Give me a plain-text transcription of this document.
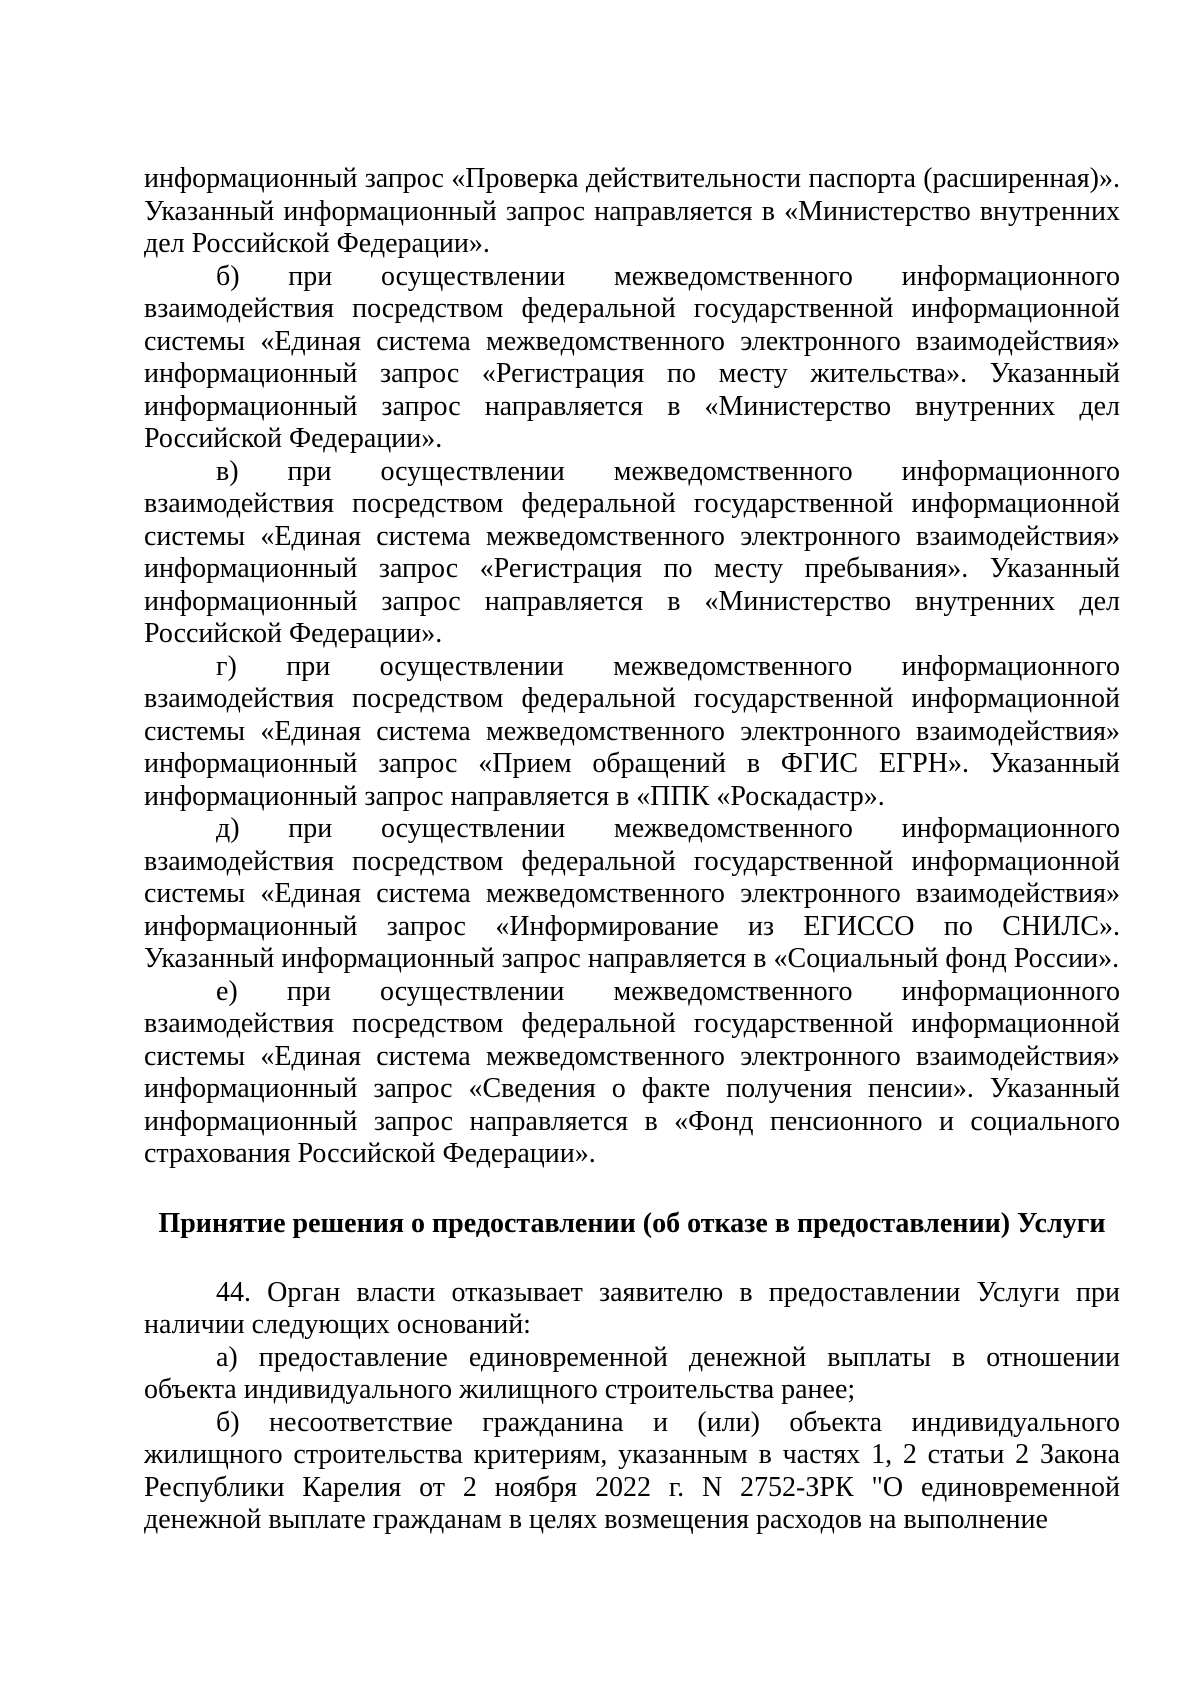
информационный запрос «Проверка действительности паспорта (расширенная)». Указанный информационный запрос направляется в «Министерство внутренних дел Российской Федерации».

б) при осуществлении межведомственного информационного взаимодействия посредством федеральной государственной информационной системы «Единая система межведомственного электронного взаимодействия» информационный запрос «Регистрация по месту жительства». Указанный информационный запрос направляется в «Министерство внутренних дел Российской Федерации».

в) при осуществлении межведомственного информационного взаимодействия посредством федеральной государственной информационной системы «Единая система межведомственного электронного взаимодействия» информационный запрос «Регистрация по месту пребывания». Указанный информационный запрос направляется в «Министерство внутренних дел Российской Федерации».

г) при осуществлении межведомственного информационного взаимодействия посредством федеральной государственной информационной системы «Единая система межведомственного электронного взаимодействия» информационный запрос «Прием обращений в ФГИС ЕГРН». Указанный информационный запрос направляется в «ППК «Роскадастр».

д) при осуществлении межведомственного информационного взаимодействия посредством федеральной государственной информационной системы «Единая система межведомственного электронного взаимодействия» информационный запрос «Информирование из ЕГИССО по СНИЛС». Указанный информационный запрос направляется в «Социальный фонд России».

е) при осуществлении межведомственного информационного взаимодействия посредством федеральной государственной информационной системы «Единая система межведомственного электронного взаимодействия» информационный запрос «Сведения о факте получения пенсии». Указанный информационный запрос направляется в «Фонд пенсионного и социального страхования Российской Федерации».

Принятие решения о предоставлении (об отказе в предоставлении) Услуги

44. Орган власти отказывает заявителю в предоставлении Услуги при наличии следующих оснований:

а) предоставление единовременной денежной выплаты в отношении объекта индивидуального жилищного строительства ранее;

б) несоответствие гражданина и (или) объекта индивидуального жилищного строительства критериям, указанным в частях 1, 2 статьи 2 Закона Республики Карелия от 2 ноября 2022 г. N 2752-ЗРК "О единовременной денежной выплате гражданам в целях возмещения расходов на выполнение
